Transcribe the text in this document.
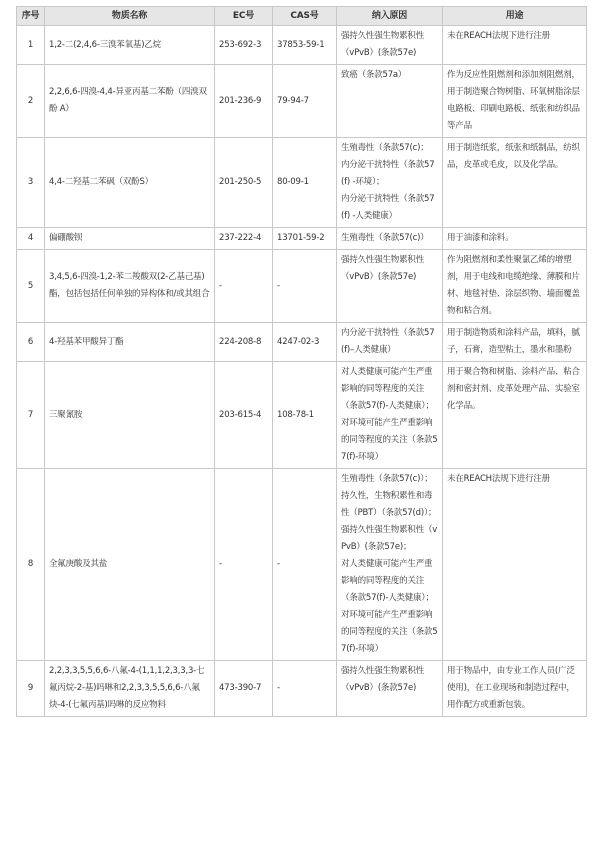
序号	物质名称	EC号	CAS号	纳入原因	用途
1	1,2-二(2,4,6-三溴苯氧基)乙烷	253-692-3	37853-59-1	强持久性强生物累积性
（vPvB）(条款57e)	未在REACH法规下进行注册

2	2,2,6,6-四溴-4,4-异亚丙基二苯酚（四溴双酚 A）	201-236-9	79-94-7	致癌（条款57a）	作为反应性阻燃剂和添加剂阻燃剂，用于制造聚合物树脂、环氧树脂涂层电路板、印刷电路板、纸张和纺织品等产品

3	4,4-二羟基二苯砜（双酚S）	201-250-5	80-09-1	生殖毒性（条款57(c)；
内分泌干扰特性（条款57(f) -环境）；
内分泌干扰特性（条款57(f) -人类健康）	用于制造纸浆，纸张和纸制品，纺织品，皮革或毛皮，以及化学品。

4	偏硼酸钡	237-222-4	13701-59-2	生殖毒性（条款57(c)）	用于油漆和涂料。

5	3,4,5,6-四溴-1,2-苯二羧酸双(2-乙基己基)酯，包括包括任何单独的异构体和/或其组合	-	-	强持久性强生物累积性
（vPvB）(条款57e)	作为阻燃剂和柔性聚氯乙烯的增塑剂，用于电线和电缆绝缘、薄膜和片材、地毯衬垫、涂层织物、墙面覆盖物和粘合剂。

6	4-羟基苯甲酸异丁酯	224-208-8	4247-02-3	内分泌干扰特性（条款57(f)–人类健康）	用于制造物质和涂料产品，填料，腻子，石膏，造型粘土，墨水和墨粉

7	三聚氰胺	203-615-4	108-78-1	对人类健康可能产生严重影响的同等程度的关注（条款57(f)-人类健康）；
对环境可能产生严重影响的同等程度的关注（条款57(f)-环境）	用于聚合物和树脂、涂料产品、粘合剂和密封剂、皮革处理产品、实验室化学品。

8	全氟庚酸及其盐	-	-	生殖毒性（条款57(c)）；
持久性，生物积累性和毒性（PBT）（条款57(d)）；
强持久性强生物累积性（vPvB）(条款57e)；
对人类健康可能产生严重影响的同等程度的关注（条款57(f)-人类健康）；
对环境可能产生严重影响的同等程度的关注（条款57(f)-环境）	未在REACH法规下进行注册

9	2,2,3,3,5,5,6,6-八氟-4-(1,1,1,2,3,3,3-七氟丙烷-2-基)吗啉和2,2,3,3,5,5,6,6-八氟炔-4-(七氟丙基)吗啉的反应物料	473-390-7	-	强持久性强生物累积性
（vPvB）(条款57e)	用于物品中，由专业工作人员(广泛使用)，在工业现场和制造过程中，用作配方或重新包装。
